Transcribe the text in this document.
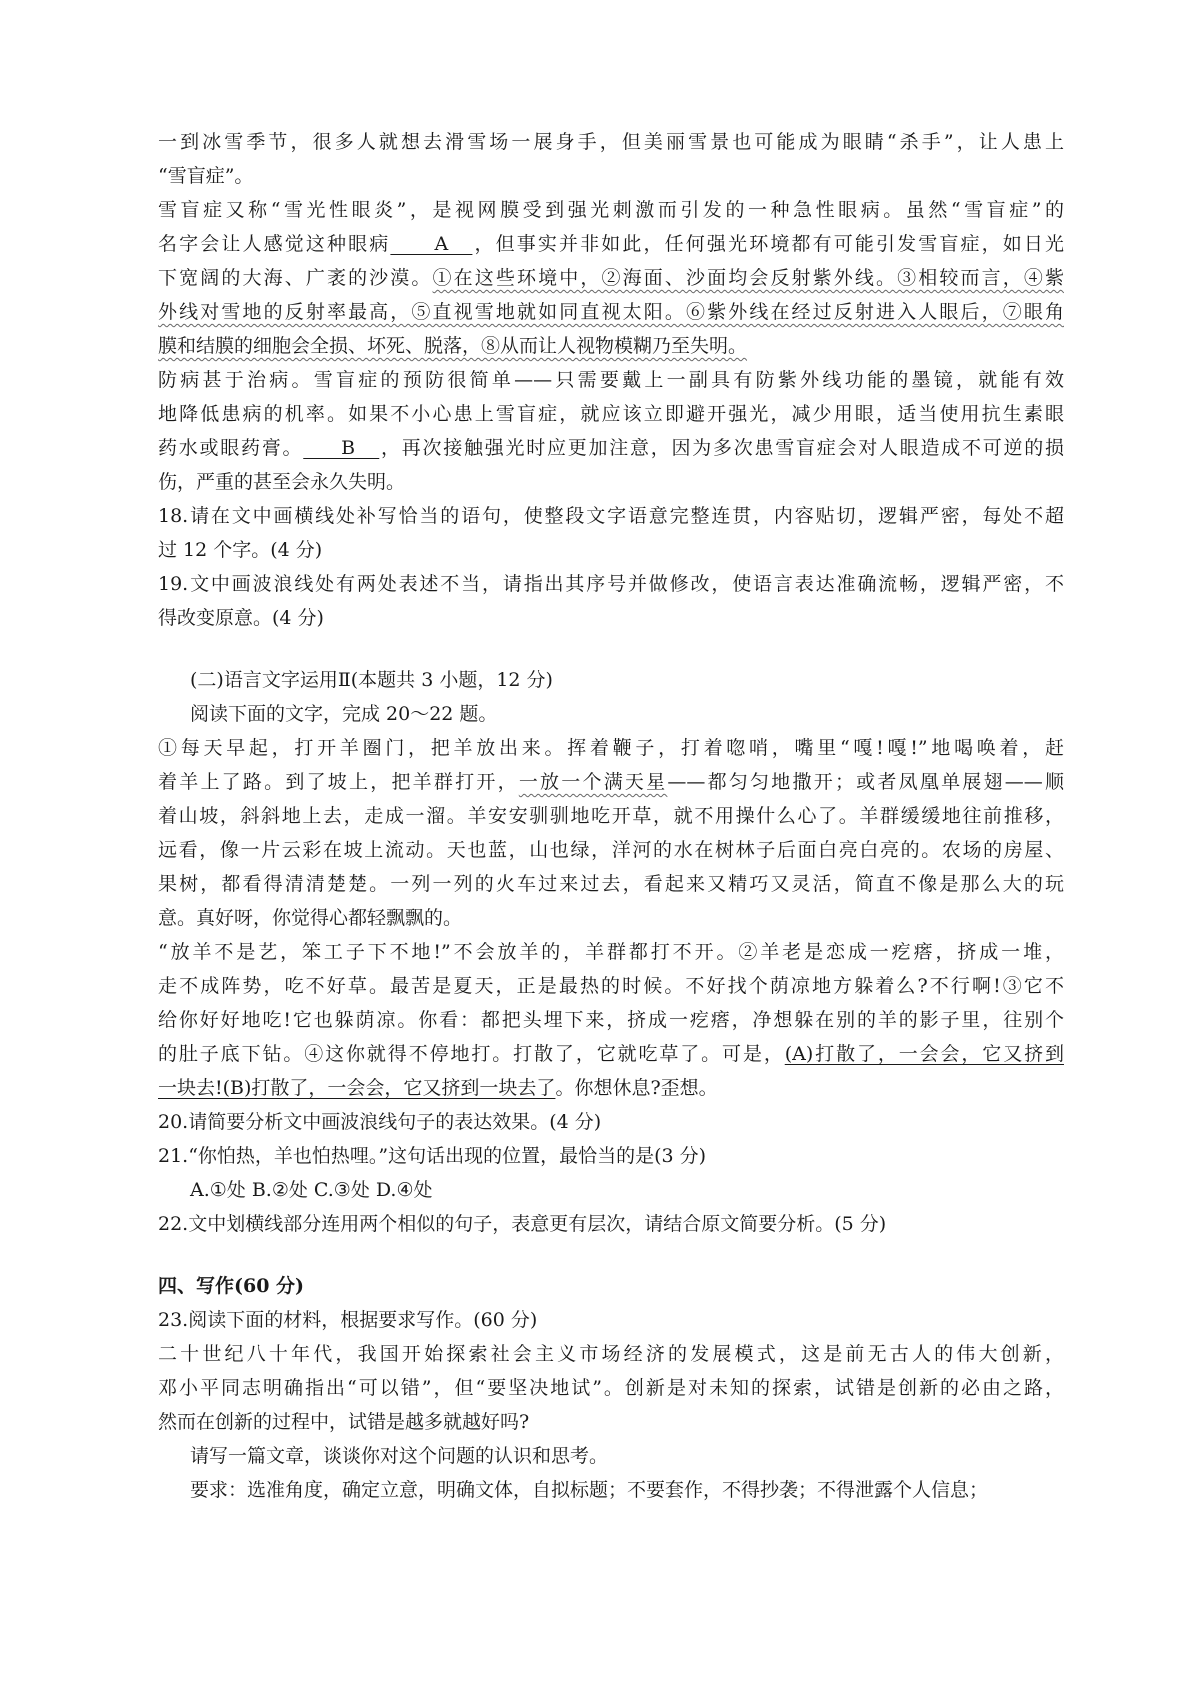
一到冰雪季节，很多人就想去滑雪场一展身手，但美丽雪景也可能成为眼睛“杀手”，让人患上
“雪盲症”。
雪盲症又称“雪光性眼炎”，是视网膜受到强光刺激而引发的一种急性眼病。虽然“雪盲症”的
名字会让人感觉这种眼病    A    ，但事实并非如此，任何强光环境都有可能引发雪盲症，如日光
下宽阔的大海、广袤的沙漠。①在这些环境中，②海面、沙面均会反射紫外线。③相较而言，④紫
外线对雪地的反射率最高，⑤直视雪地就如同直视太阳。⑥紫外线在经过反射进入人眼后，⑦眼角
膜和结膜的细胞会全损、坏死、脱落，⑧从而让人视物模糊乃至失明。
防病甚于治病。雪盲症的预防很简单——只需要戴上一副具有防紫外线功能的墨镜，就能有效
地降低患病的机率。如果不小心患上雪盲症，就应该立即避开强光，减少用眼，适当使用抗生素眼
药水或眼药膏。   B    ，再次接触强光时应更加注意，因为多次患雪盲症会对人眼造成不可逆的损
伤，严重的甚至会永久失明。
18.请在文中画横线处补写恰当的语句，使整段文字语意完整连贯，内容贴切，逻辑严密，每处不超
过 12 个字。(4 分)
19.文中画波浪线处有两处表述不当，请指出其序号并做修改，使语言表达准确流畅，逻辑严密，不
得改变原意。(4 分)
(二)语言文字运用Ⅱ(本题共 3 小题，12 分)
阅读下面的文字，完成 20～22 题。
①每天早起，打开羊圈门，把羊放出来。挥着鞭子，打着唿哨，嘴里“嘎!嘎!”地喝唤着，赶
着羊上了路。到了坡上，把羊群打开，一放一个满天星——都匀匀地撒开；或者凤凰单展翅——顺
着山坡，斜斜地上去，走成一溜。羊安安驯驯地吃开草，就不用操什么心了。羊群缓缓地往前推移，
远看，像一片云彩在坡上流动。天也蓝，山也绿，洋河的水在树林子后面白亮白亮的。农场的房屋、
果树，都看得清清楚楚。一列一列的火车过来过去，看起来又精巧又灵活，简直不像是那么大的玩
意。真好呀，你觉得心都轻飘飘的。
“放羊不是艺，笨工子下不地!”不会放羊的，羊群都打不开。②羊老是恋成一疙瘩，挤成一堆，
走不成阵势，吃不好草。最苦是夏天，正是最热的时候。不好找个荫凉地方躲着么?不行啊!③它不
给你好好地吃!它也躲荫凉。你看：都把头埋下来，挤成一疙瘩，净想躲在别的羊的影子里，往别个
的肚子底下钻。④这你就得不停地打。打散了，它就吃草了。可是，(A)打散了，一会会，它又挤到
一块去!(B)打散了，一会会，它又挤到一块去了。你想休息?歪想。
20.请简要分析文中画波浪线句子的表达效果。(4 分)
21.“你怕热，羊也怕热哩。”这句话出现的位置，最恰当的是(3 分)
A.①处 B.②处 C.③处 D.④处
22.文中划横线部分连用两个相似的句子，表意更有层次，请结合原文简要分析。(5 分)
四、写作(60 分)
23.阅读下面的材料，根据要求写作。(60 分)
二十世纪八十年代，我国开始探索社会主义市场经济的发展模式，这是前无古人的伟大创新，
邓小平同志明确指出“可以错”，但“要坚决地试”。创新是对未知的探索，试错是创新的必由之路，
然而在创新的过程中，试错是越多就越好吗?
请写一篇文章，谈谈你对这个问题的认识和思考。
要求：选准角度，确定立意，明确文体，自拟标题；不要套作，不得抄袭；不得泄露个人信息；
